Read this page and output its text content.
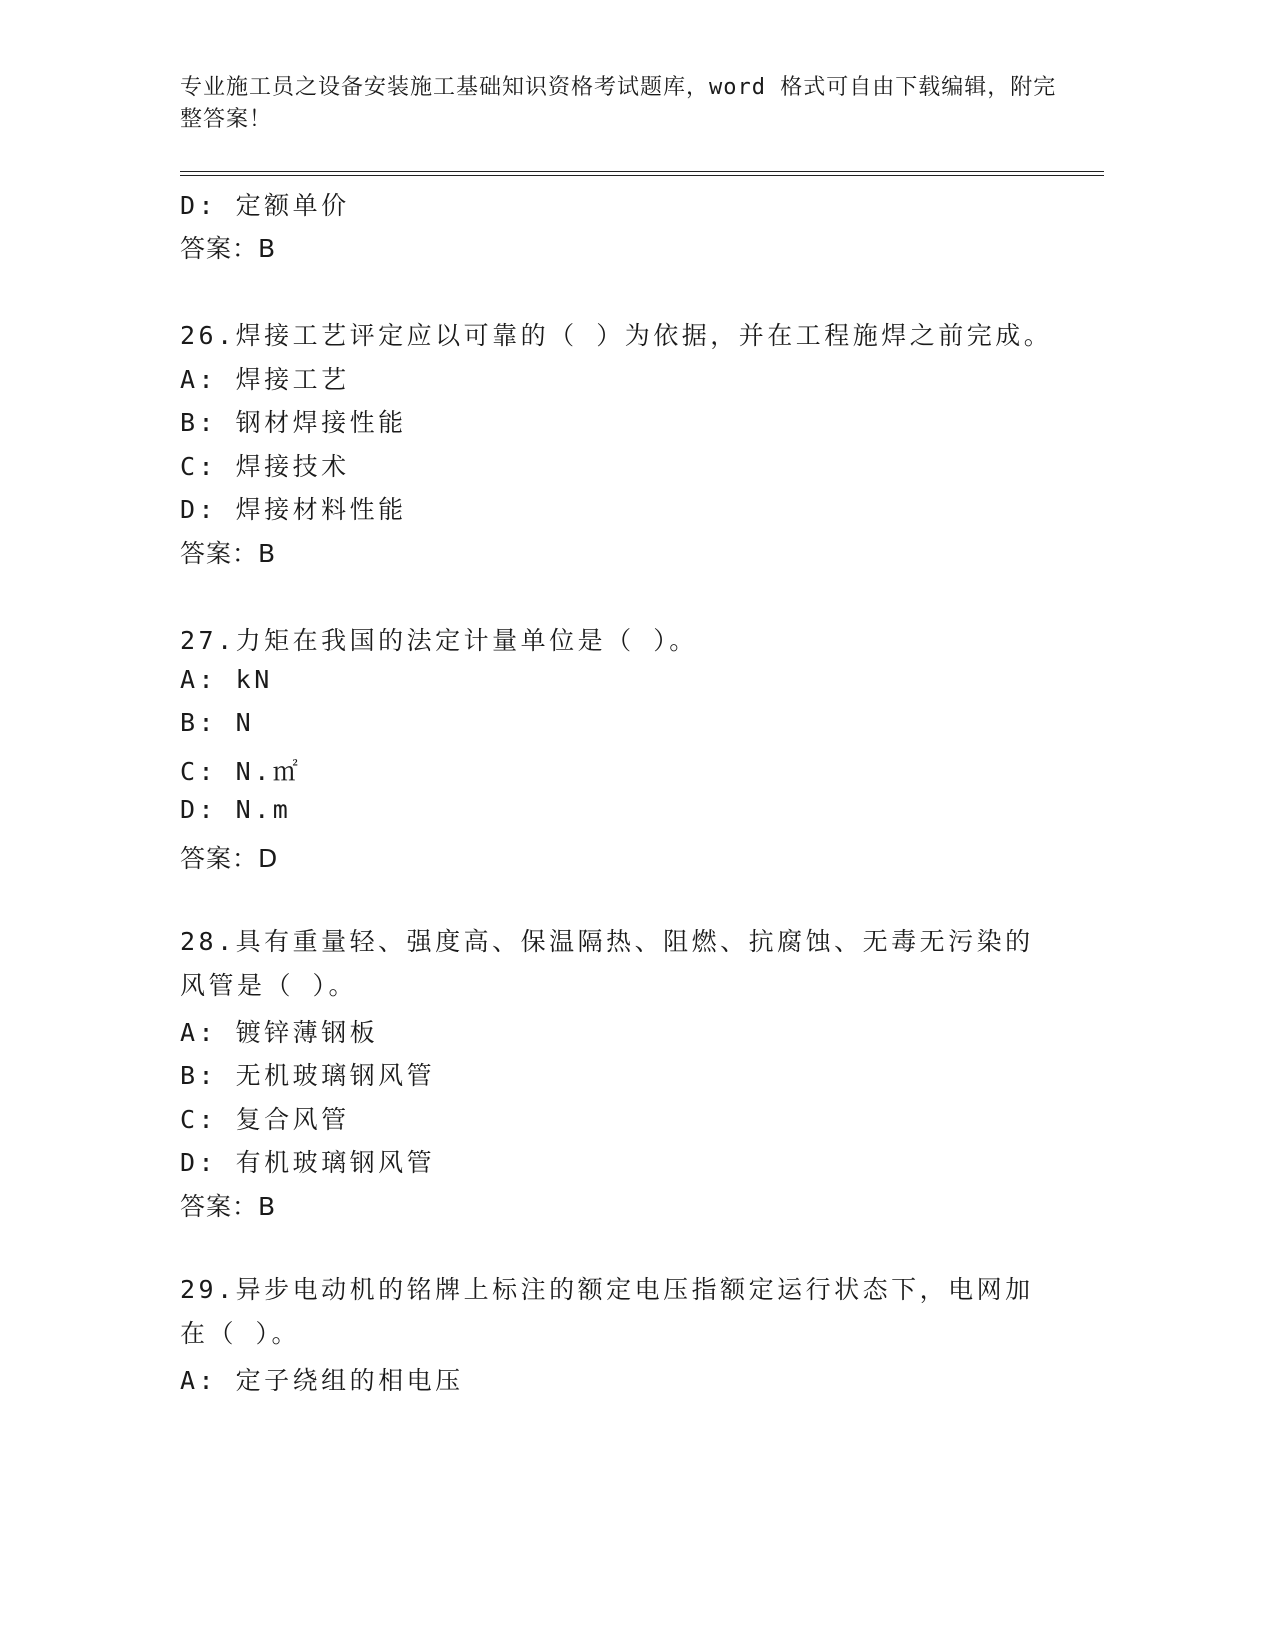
专业施工员之设备安装施工基础知识资格考试题库，word 格式可自由下载编辑，附完整答案！
D: 定额单价
答案：B
26.焊接工艺评定应以可靠的（ ）为依据，并在工程施焊之前完成。
A: 焊接工艺
B: 钢材焊接性能
C: 焊接技术
D: 焊接材料性能
答案：B
27.力矩在我国的法定计量单位是（ ）。
A: kN
B: N
C: N.㎡
D: N.m
答案：D
28.具有重量轻、强度高、保温隔热、阻燃、抗腐蚀、无毒无污染的风管是（ ）。
A: 镀锌薄钢板
B: 无机玻璃钢风管
C: 复合风管
D: 有机玻璃钢风管
答案：B
29.异步电动机的铭牌上标注的额定电压指额定运行状态下，电网加在（ ）。
A: 定子绕组的相电压
